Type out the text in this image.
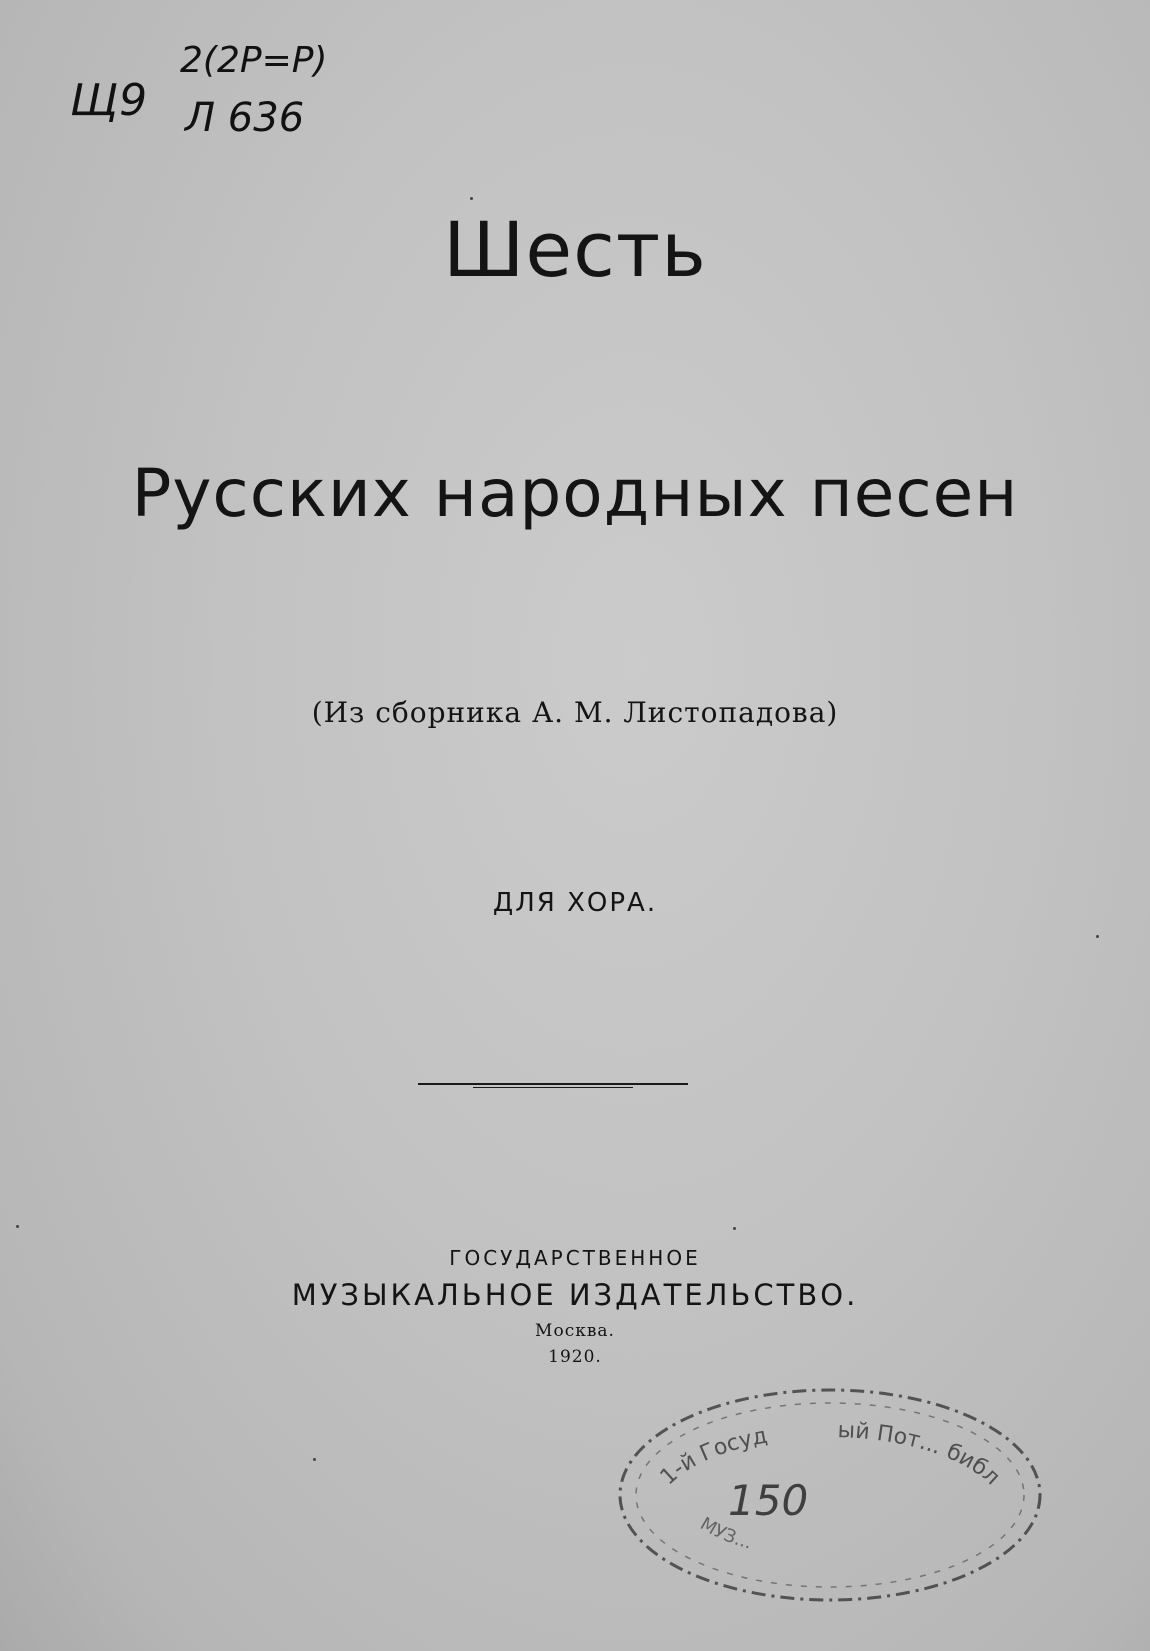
Щ9
2(2Р=Р)
Л 636
Шесть
Русских народных песен
(Из сборника А. М. Листопадова)
ДЛЯ ХОРА.
ГОСУДАРСТВЕННОЕ
МУЗЫКАЛЬНОЕ ИЗДАТЕЛЬСТВО.
Москва.
1920.
1-й Госуд	ый Пот... библ
МУЗ...
150
